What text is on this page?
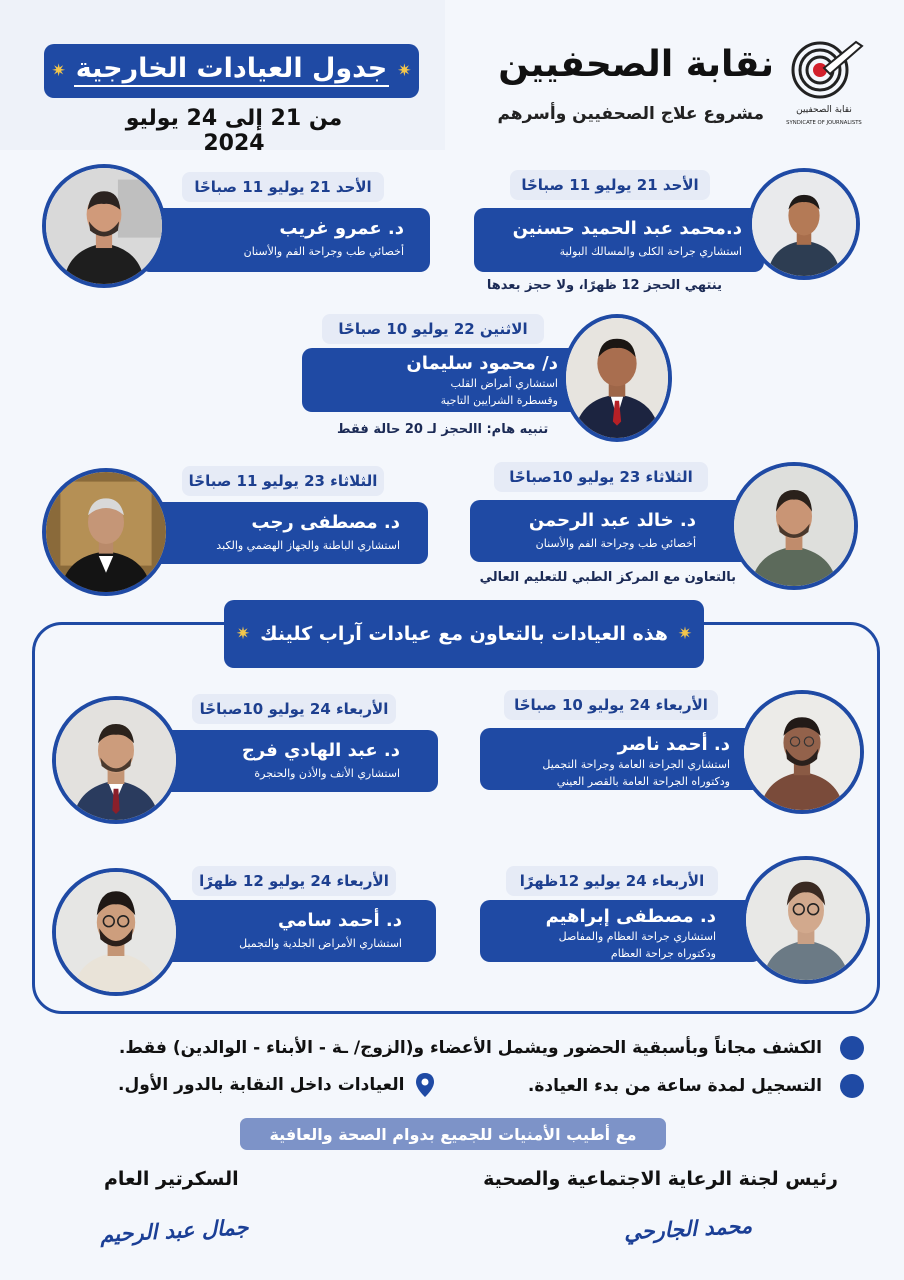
نقابة الصحفيين
SYNDICATE OF JOURNALISTS
نقابة الصحفيين
مشروع علاج الصحفيين وأسرهم
✷
جدول العيادات الخارجية
✷
من 21 إلى 24 يوليو 2024
الأحد 21 يوليو 11 صباحًا
د.محمد عبد الحميد حسنين
استشاري جراحة الكلى والمسالك البولية
ينتهي الحجز 12 ظهرًا، ولا حجز بعدها
الأحد 21 يوليو 11 صباحًا
د. عمرو غريب
أخصائي طب وجراحة الفم والأسنان
الاثنين 22 يوليو 10 صباحًا
د/ محمود سليمان
استشاري أمراض القلب
وقسطرة الشرايين التاجية
تنبيه هام: االحجز لـ 20 حالة فقط
الثلاثاء 23 يوليو 10صباحًا
د. خالد عبد الرحمن
أخصائي طب وجراحة الفم والأسنان
بالتعاون مع المركز الطبي للتعليم العالي
الثلاثاء 23 يوليو 11 صباحًا
د. مصطفى رجب
استشاري الباطنة والجهاز الهضمي والكبد
✷
هذه العيادات بالتعاون مع عيادات آراب كلينك
✷
الأربعاء 24 يوليو 10 صباحًا
د. أحمد ناصر
استشاري الجراحة العامة وجراحة التجميل
ودكتوراه الجراحة العامة بالقصر العيني
الأربعاء 24 يوليو 10صباحًا
د. عبد الهادي فرج
استشاري الأنف والأذن والحنجرة
الأربعاء 24 يوليو 12ظهرًا
د. مصطفى إبراهيم
استشاري جراحة العظام والمفاصل
ودكتوراه جراحة العظام
الأربعاء 24 يوليو 12 ظهرًا
د. أحمد سامي
استشاري الأمراض الجلدية والتجميل
الكشف مجاناً وبأسبقية الحضور ويشمل الأعضاء و(الزوج/ ـة - الأبناء - الوالدين) فقط.
التسجيل لمدة ساعة من بدء العيادة.
العيادات داخل النقابة بالدور الأول.
مع أطيب الأمنيات للجميع بدوام الصحة والعافية
رئيس لجنة الرعاية الاجتماعية والصحية
محمد الجارحي
السكرتير العام
جمال عبد الرحيم
